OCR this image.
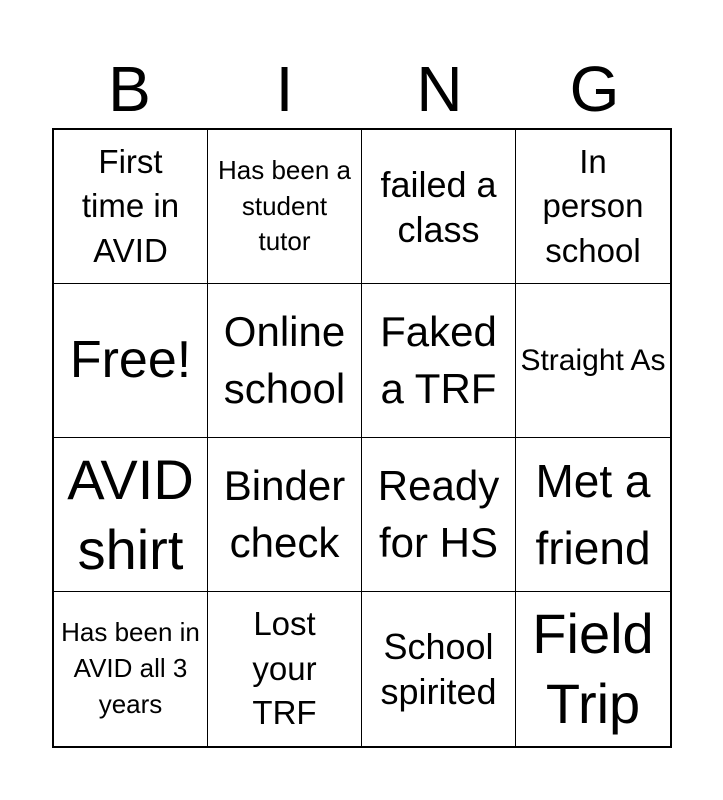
B	I	N	G
First time in AVID
Has been a student tutor
failed a class
In person school
Free! Online school
Faked a TRF
Straight As
AVID shirt
Binder check
Ready for HS
Met a friend
Has been in AVID all 3 years
Lost your TRF
School spirited
Field Trip
